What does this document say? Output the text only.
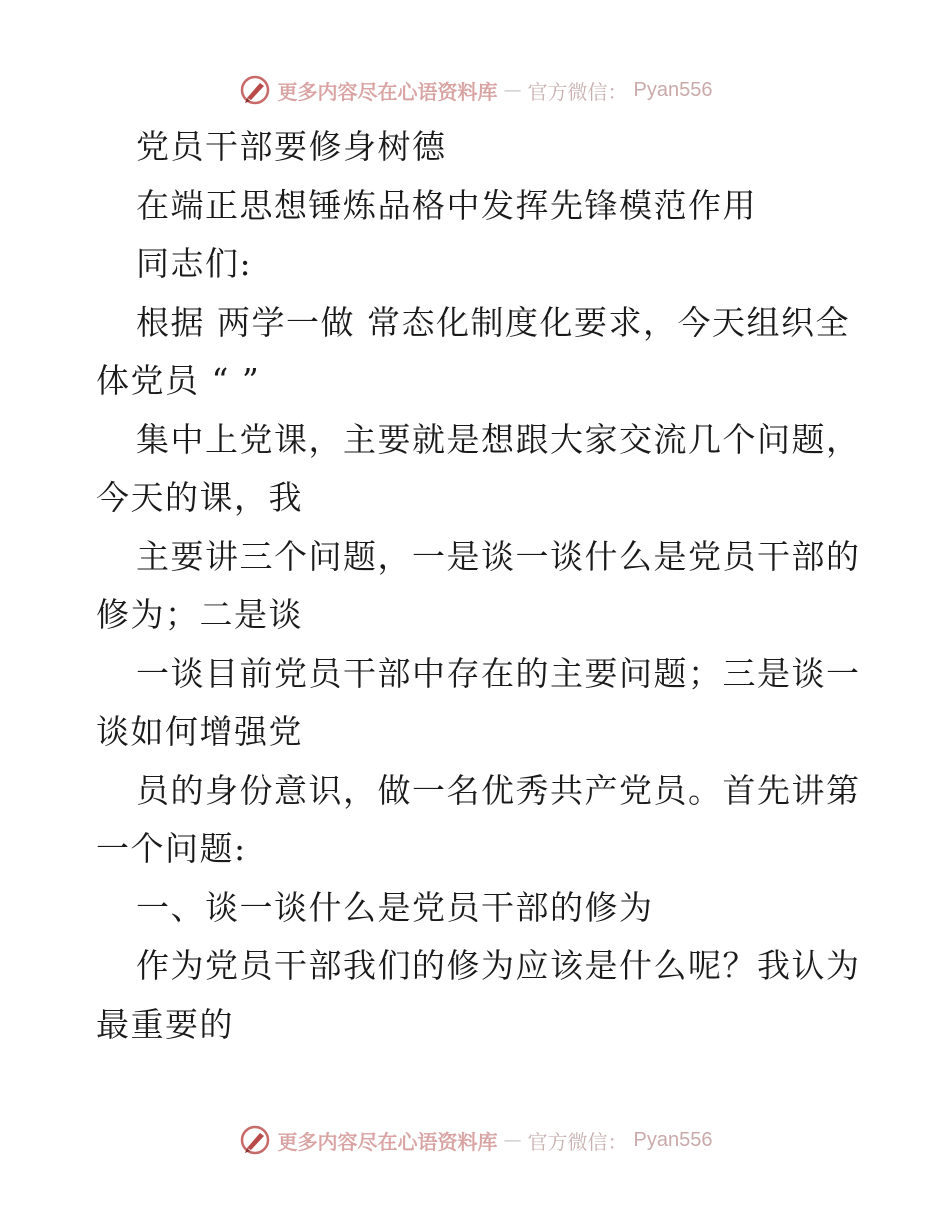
更多内容尽在心语资料库 — 官方微信： Pyan556
党员干部要修身树德
在端正思想锤炼品格中发挥先锋模范作用
同志们:
根据 两学一做 常态化制度化要求，今天组织全
体党员 “ ”
集中上党课，主要就是想跟大家交流几个问题，
今天的课，我
主要讲三个问题，一是谈一谈什么是党员干部的
修为；二是谈
一谈目前党员干部中存在的主要问题；三是谈一
谈如何增强党
员的身份意识，做一名优秀共产党员。首先讲第
一个问题:
一、谈一谈什么是党员干部的修为
作为党员干部我们的修为应该是什么呢？我认为
最重要的
更多内容尽在心语资料库 — 官方微信： Pyan556
